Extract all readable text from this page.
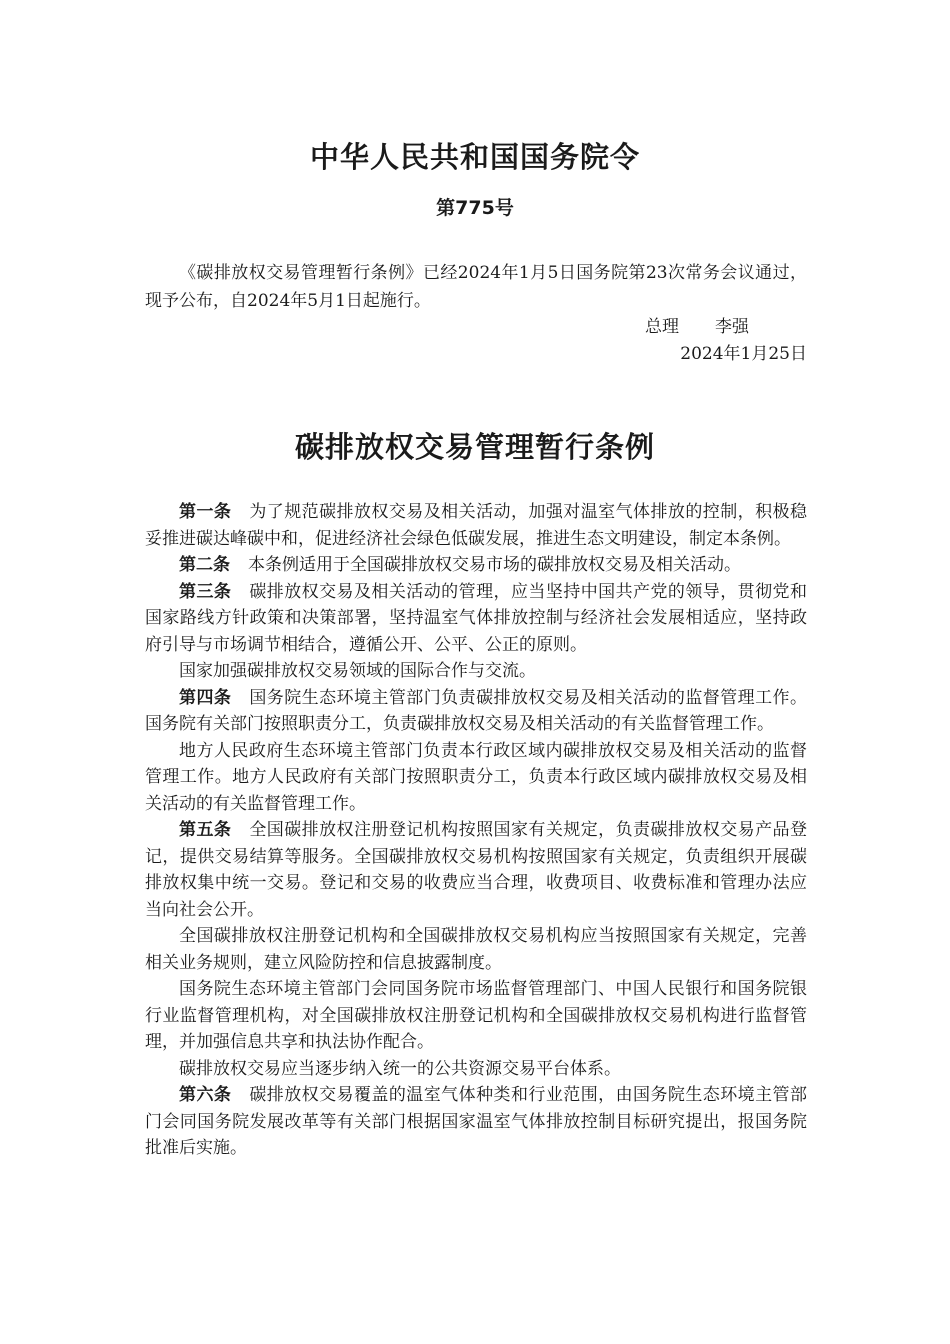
中华人民共和国国务院令
第775号

《碳排放权交易管理暂行条例》已经2024年1月5日国务院第23次常务会议通过，现予公布，自2024年5月1日起施行。

总理 李强
2024年1月25日
碳排放权交易管理暂行条例

第一条 为了规范碳排放权交易及相关活动，加强对温室气体排放的控制，积极稳妥推进碳达峰碳中和，促进经济社会绿色低碳发展，推进生态文明建设，制定本条例。

第二条 本条例适用于全国碳排放权交易市场的碳排放权交易及相关活动。

第三条 碳排放权交易及相关活动的管理，应当坚持中国共产党的领导，贯彻党和国家路线方针政策和决策部署，坚持温室气体排放控制与经济社会发展相适应，坚持政府引导与市场调节相结合，遵循公开、公平、公正的原则。

国家加强碳排放权交易领域的国际合作与交流。

第四条 国务院生态环境主管部门负责碳排放权交易及相关活动的监督管理工作。国务院有关部门按照职责分工，负责碳排放权交易及相关活动的有关监督管理工作。

地方人民政府生态环境主管部门负责本行政区域内碳排放权交易及相关活动的监督管理工作。地方人民政府有关部门按照职责分工，负责本行政区域内碳排放权交易及相关活动的有关监督管理工作。

第五条 全国碳排放权注册登记机构按照国家有关规定，负责碳排放权交易产品登记，提供交易结算等服务。全国碳排放权交易机构按照国家有关规定，负责组织开展碳排放权集中统一交易。登记和交易的收费应当合理，收费项目、收费标准和管理办法应当向社会公开。

全国碳排放权注册登记机构和全国碳排放权交易机构应当按照国家有关规定，完善相关业务规则，建立风险防控和信息披露制度。

国务院生态环境主管部门会同国务院市场监督管理部门、中国人民银行和国务院银行业监督管理机构，对全国碳排放权注册登记机构和全国碳排放权交易机构进行监督管理，并加强信息共享和执法协作配合。

碳排放权交易应当逐步纳入统一的公共资源交易平台体系。

第六条 碳排放权交易覆盖的温室气体种类和行业范围，由国务院生态环境主管部门会同国务院发展改革等有关部门根据国家温室气体排放控制目标研究提出，报国务院批准后实施。
